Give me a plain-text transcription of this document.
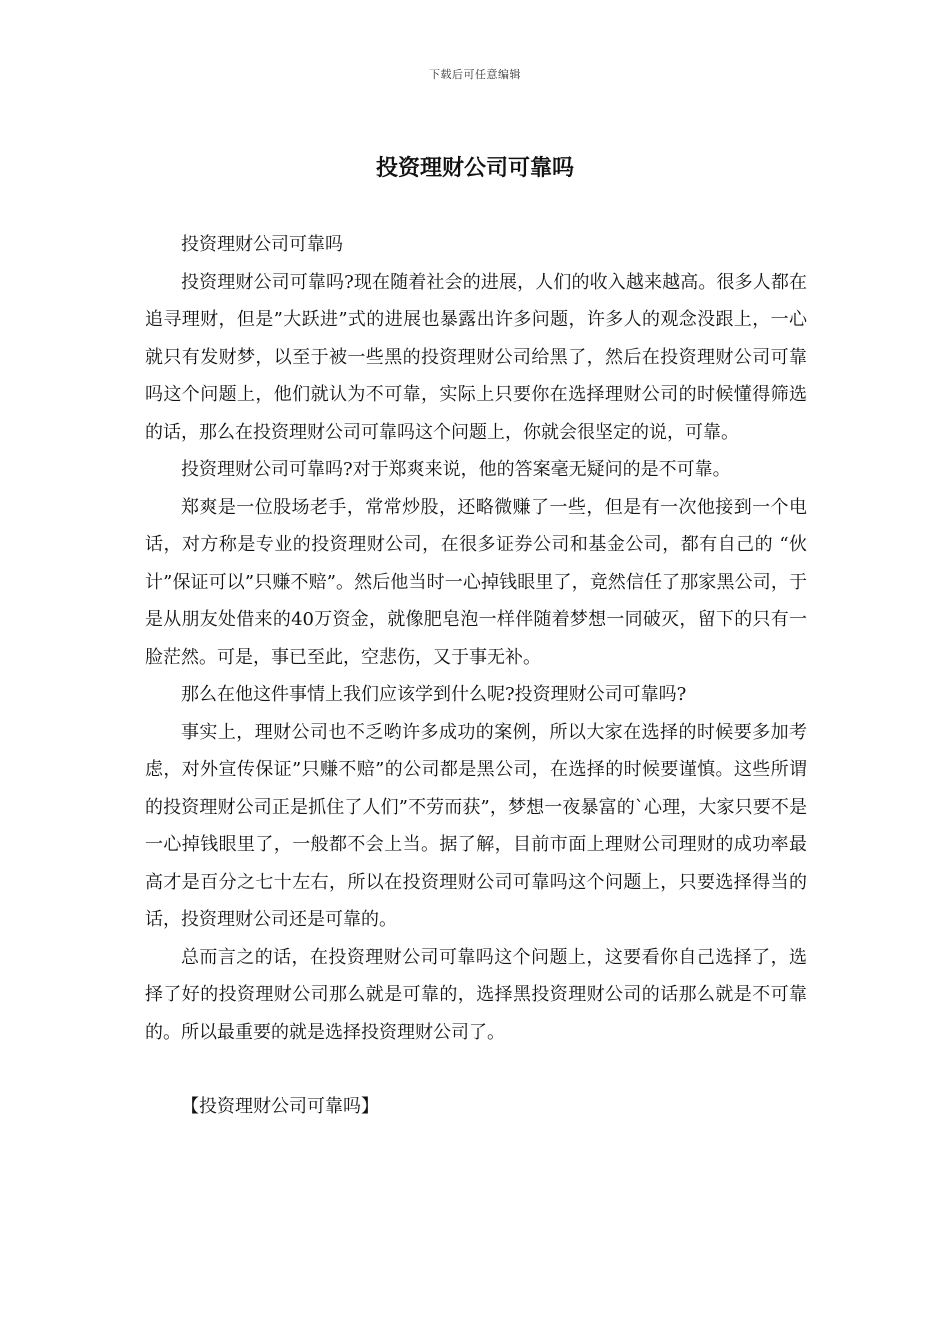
下载后可任意编辑
投资理财公司可靠吗

投资理财公司可靠吗

投资理财公司可靠吗?现在随着社会的进展，人们的收入越来越高。很多人都在追寻理财，但是”大跃进”式的进展也暴露出许多问题，许多人的观念没跟上，一心就只有发财梦，以至于被一些黑的投资理财公司给黑了，然后在投资理财公司可靠吗这个问题上，他们就认为不可靠，实际上只要你在选择理财公司的时候懂得筛选的话，那么在投资理财公司可靠吗这个问题上，你就会很坚定的说，可靠。

投资理财公司可靠吗?对于郑爽来说，他的答案毫无疑问的是不可靠。

郑爽是一位股场老手，常常炒股，还略微赚了一些，但是有一次他接到一个电话，对方称是专业的投资理财公司，在很多证券公司和基金公司，都有自己的 “伙计”保证可以”只赚不赔”。然后他当时一心掉钱眼里了，竟然信任了那家黑公司，于是从朋友处借来的40万资金，就像肥皂泡一样伴随着梦想一同破灭，留下的只有一脸茫然。可是，事已至此，空悲伤，又于事无补。

那么在他这件事情上我们应该学到什么呢?投资理财公司可靠吗?

事实上，理财公司也不乏哟许多成功的案例，所以大家在选择的时候要多加考虑，对外宣传保证”只赚不赔”的公司都是黑公司，在选择的时候要谨慎。这些所谓的投资理财公司正是抓住了人们”不劳而获”，梦想一夜暴富的`心理，大家只要不是一心掉钱眼里了，一般都不会上当。据了解，目前市面上理财公司理财的成功率最高才是百分之七十左右，所以在投资理财公司可靠吗这个问题上，只要选择得当的话，投资理财公司还是可靠的。

总而言之的话，在投资理财公司可靠吗这个问题上，这要看你自己选择了，选择了好的投资理财公司那么就是可靠的，选择黑投资理财公司的话那么就是不可靠的。所以最重要的就是选择投资理财公司了。

【投资理财公司可靠吗】
